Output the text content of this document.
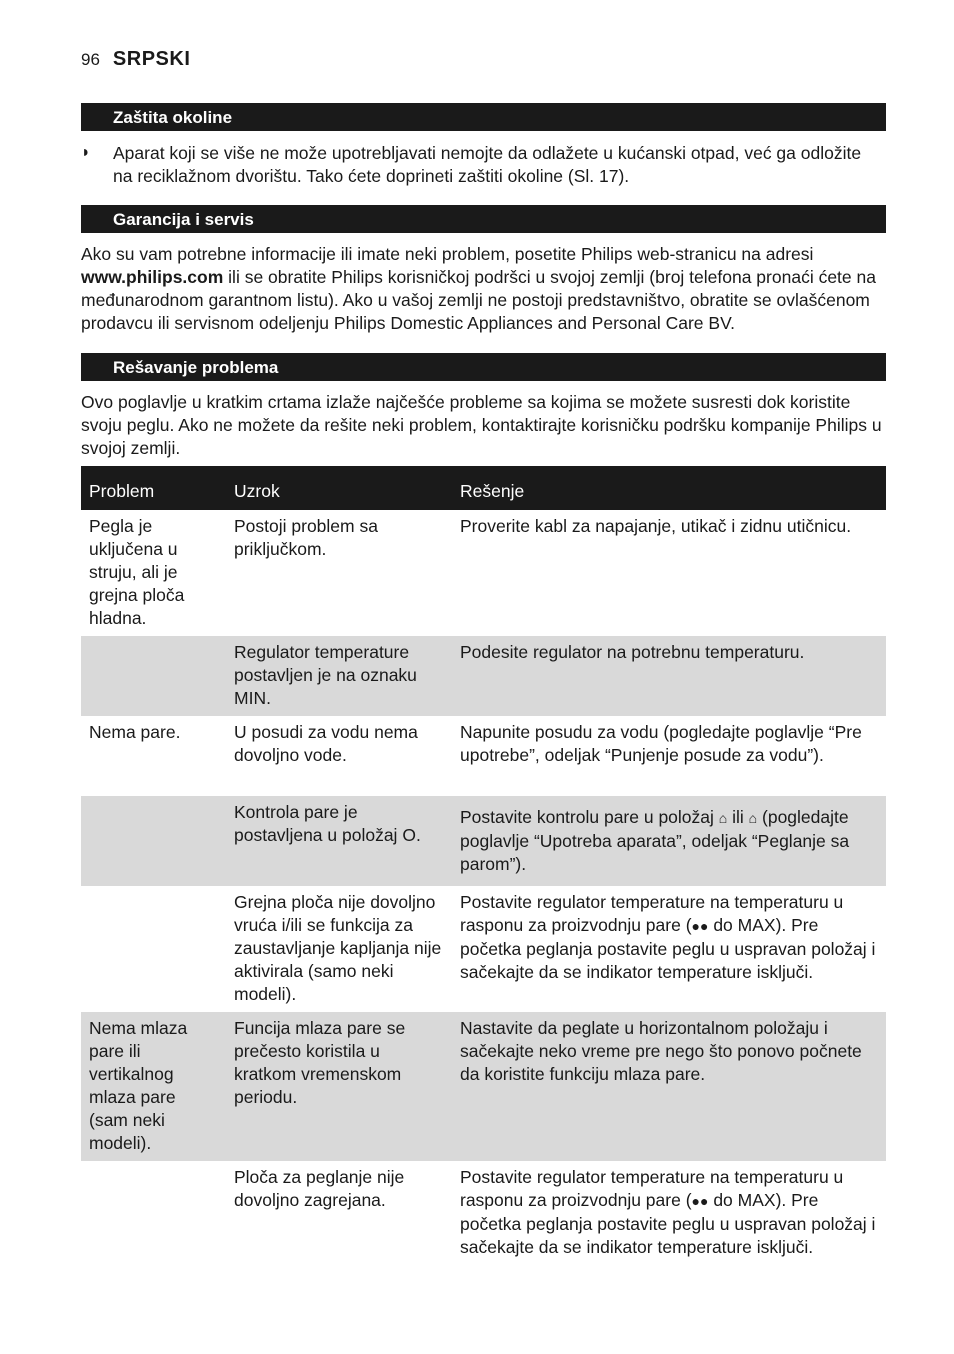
96 SRPSKI
Zaštita okoline
◗ Aparat koji se više ne može upotrebljavati nemojte da odlažete u kućanski otpad, već ga odložite na reciklažnom dvorištu. Tako ćete doprineti zaštiti okoline (Sl. 17).

Garancija i servis

Ako su vam potrebne informacije ili imate neki problem, posetite Philips web-stranicu na adresi www.philips.com ili se obratite Philips korisničkoj podršci u svojoj zemlji (broj telefona pronaći ćete na međunarodnom garantnom listu). Ako u vašoj zemlji ne postoji predstavništvo, obratite se ovlašćenom prodavcu ili servisnom odeljenju Philips Domestic Appliances and Personal Care BV.

Rešavanje problema

Ovo poglavlje u kratkim crtama izlaže najčešće probleme sa kojima se možete susresti dok koristite svoju peglu. Ako ne možete da rešite neki problem, kontaktirajte korisničku podršku kompanije Philips u svojoj zemlji.

Problem	Uzrok	Rešenje
Pegla je uključena u struju, ali je grejna ploča hladna.	Postoji problem sa priključkom.	Proverite kabl za napajanje, utikač i zidnu utičnicu.
	Regulator temperature postavljen je na oznaku MIN.	Podesite regulator na potrebnu temperaturu.
Nema pare.	U posudi za vodu nema dovoljno vode.	Napunite posudu za vodu (pogledajte poglavlje “Pre upotrebe”, odeljak “Punjenje posude za vodu”).
	Kontrola pare je postavljena u položaj O.	Postavite kontrolu pare u položaj ⌂ ili ⌂ (pogledajte poglavlje “Upotreba aparata”, odeljak “Peglanje sa parom”).
	Grejna ploča nije dovoljno vruća i/ili se funkcija za zaustavljanje kapljanja nije aktivirala (samo neki modeli).	Postavite regulator temperature na temperaturu u rasponu za proizvodnju pare (●● do MAX). Pre početka peglanja postavite peglu u uspravan položaj i sačekajte da se indikator temperature isključi.
Nema mlaza pare ili vertikalnog mlaza pare (sam neki modeli).	Funcija mlaza pare se prečesto koristila u kratkom vremenskom periodu.	Nastavite da peglate u horizontalnom položaju i sačekajte neko vreme pre nego što ponovo počnete da koristite funkciju mlaza pare.
	Ploča za peglanje nije dovoljno zagrejana.	Postavite regulator temperature na temperaturu u rasponu za proizvodnju pare (●● do MAX). Pre početka peglanja postavite peglu u uspravan položaj i sačekajte da se indikator temperature isključi.
